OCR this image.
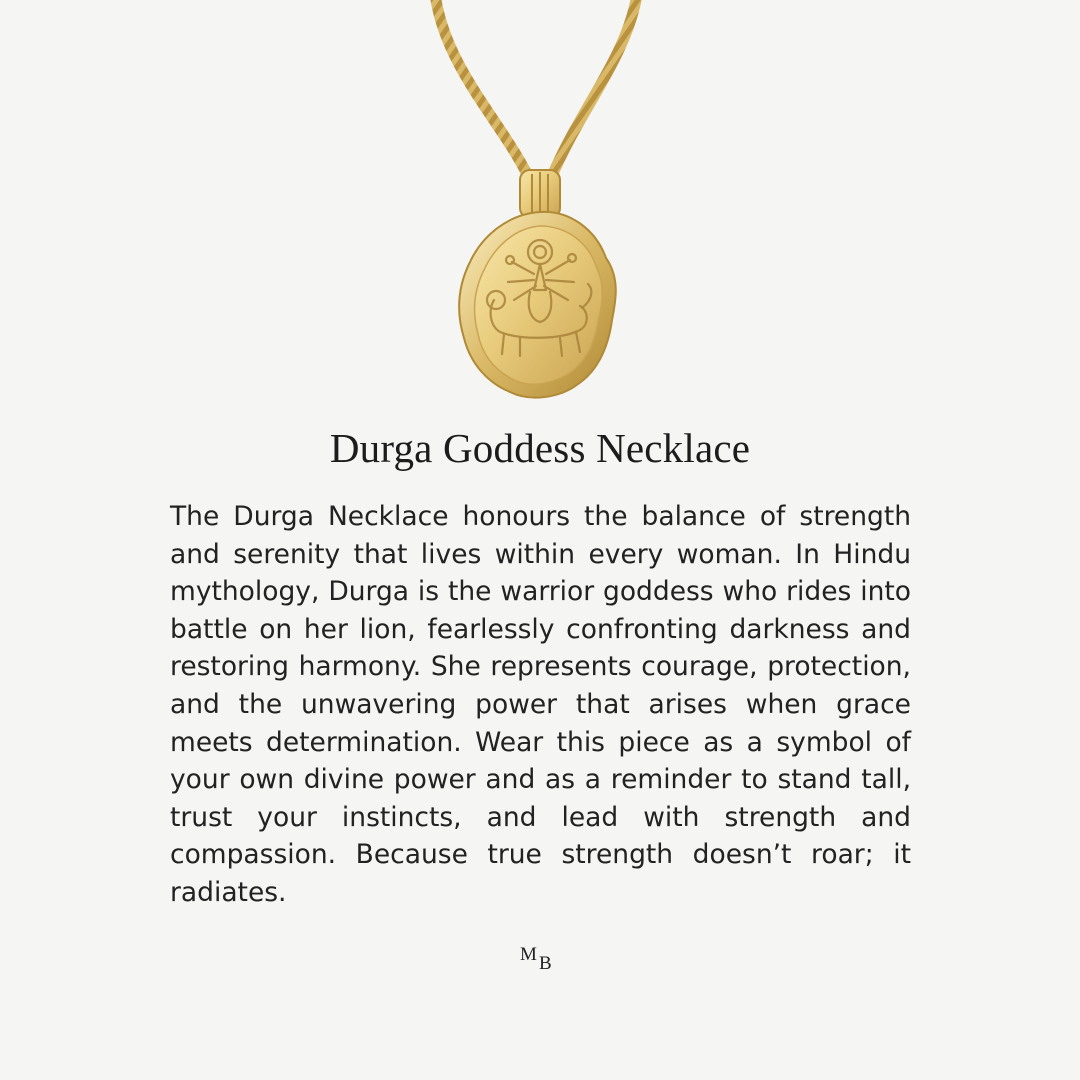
Durga Goddess Necklace

The Durga Necklace honours the balance of strength and serenity that lives within every woman. In Hindu mythology, Durga is the warrior goddess who rides into battle on her lion, fearlessly confronting darkness and restoring harmony. She represents courage, protection, and the unwavering power that arises when grace meets determination. Wear this piece as a symbol of your own divine power and as a reminder to stand tall, trust your instincts, and lead with strength and compassion. Because true strength doesn’t roar; it radiates.

M B
